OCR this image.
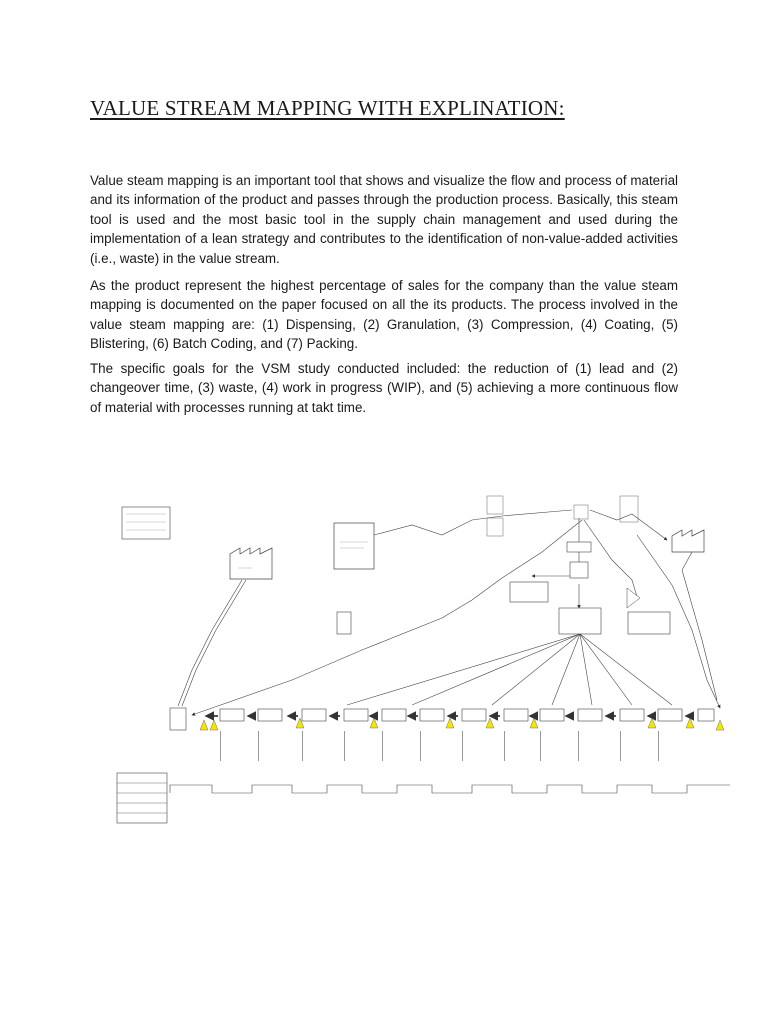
VALUE STREAM MAPPING WITH EXPLINATION:

Value steam mapping is an important tool that shows and visualize the flow and process of material and its information of the product and passes through the production process. Basically, this steam tool is used and the most basic tool in the supply chain management and used during the implementation of a lean strategy and contributes to the identification of non-value-added activities (i.e., waste) in the value stream.

As the product represent the highest percentage of sales for the company than the value steam mapping is documented on the paper focused on all the its products. The process involved in the value steam mapping are: (1) Dispensing, (2) Granulation, (3) Compression, (4) Coating, (5) Blistering, (6) Batch Coding, and (7) Packing.

The specific goals for the VSM study conducted included: the reduction of (1) lead and (2) changeover time, (3) waste, (4) work in progress (WIP), and (5) achieving a more continuous flow of material with processes running at takt time.
